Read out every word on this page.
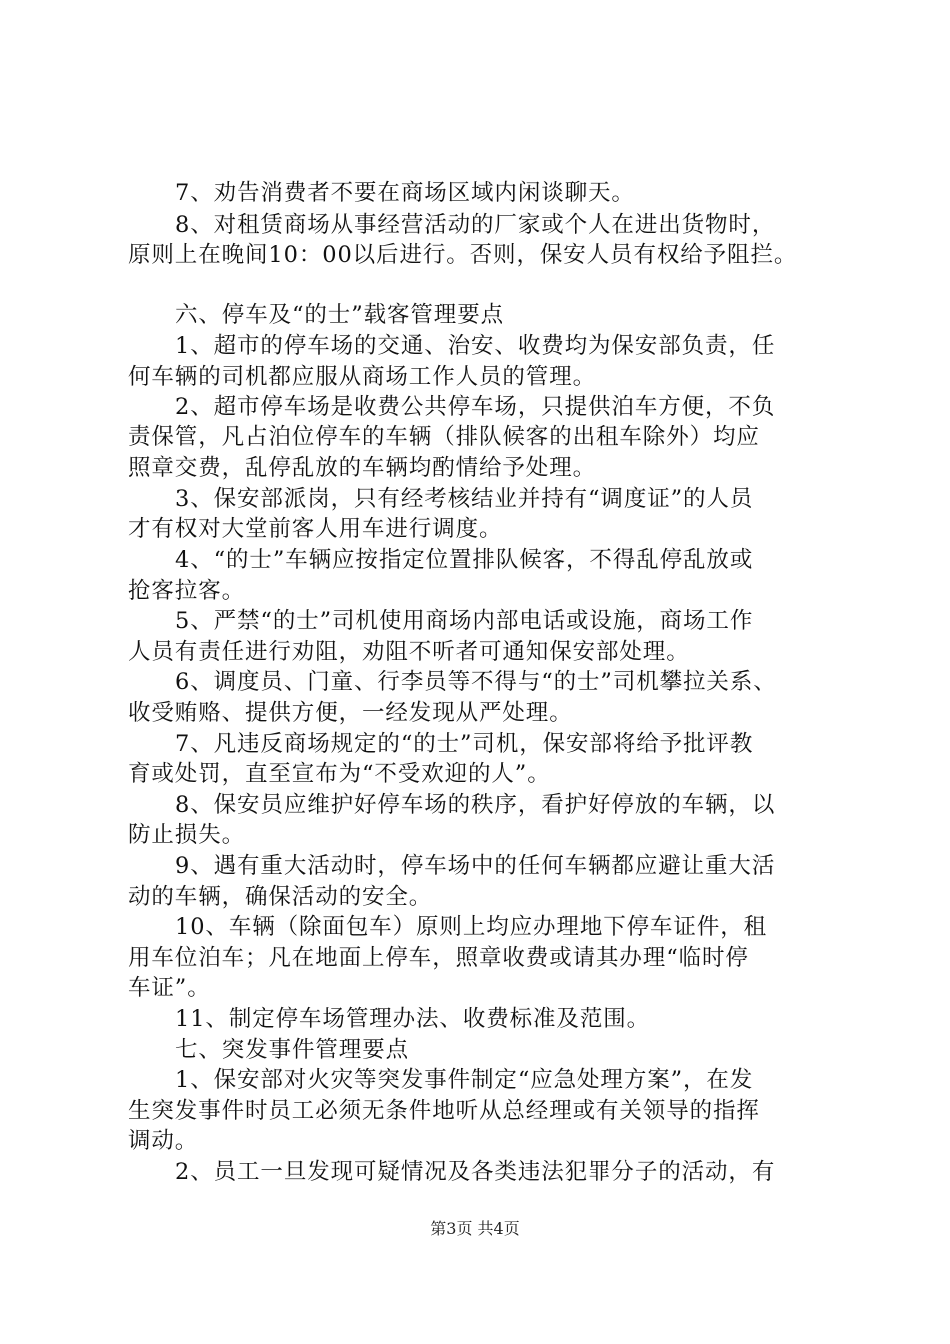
7、劝告消费者不要在商场区域内闲谈聊天。
8、对租赁商场从事经营活动的厂家或个人在进出货物时，
原则上在晚间10：00以后进行。否则，保安人员有权给予阻拦。
六、停车及“的士”载客管理要点
1、超市的停车场的交通、治安、收费均为保安部负责，任
何车辆的司机都应服从商场工作人员的管理。
2、超市停车场是收费公共停车场，只提供泊车方便，不负
责保管，凡占泊位停车的车辆（排队候客的出租车除外）均应
照章交费，乱停乱放的车辆均酌情给予处理。
3、保安部派岗，只有经考核结业并持有“调度证”的人员
才有权对大堂前客人用车进行调度。
4、“的士”车辆应按指定位置排队候客，不得乱停乱放或
抢客拉客。
5、严禁“的士”司机使用商场内部电话或设施，商场工作
人员有责任进行劝阻，劝阻不听者可通知保安部处理。
6、调度员、门童、行李员等不得与“的士”司机攀拉关系、
收受贿赂、提供方便，一经发现从严处理。
7、凡违反商场规定的“的士”司机，保安部将给予批评教
育或处罚，直至宣布为“不受欢迎的人”。
8、保安员应维护好停车场的秩序，看护好停放的车辆，以
防止损失。
9、遇有重大活动时，停车场中的任何车辆都应避让重大活
动的车辆，确保活动的安全。
10、车辆（除面包车）原则上均应办理地下停车证件，租
用车位泊车；凡在地面上停车，照章收费或请其办理“临时停
车证”。
11、制定停车场管理办法、收费标准及范围。
七、突发事件管理要点
1、保安部对火灾等突发事件制定“应急处理方案”，在发
生突发事件时员工必须无条件地听从总经理或有关领导的指挥
调动。
2、员工一旦发现可疑情况及各类违法犯罪分子的活动，有
第3页 共4页
